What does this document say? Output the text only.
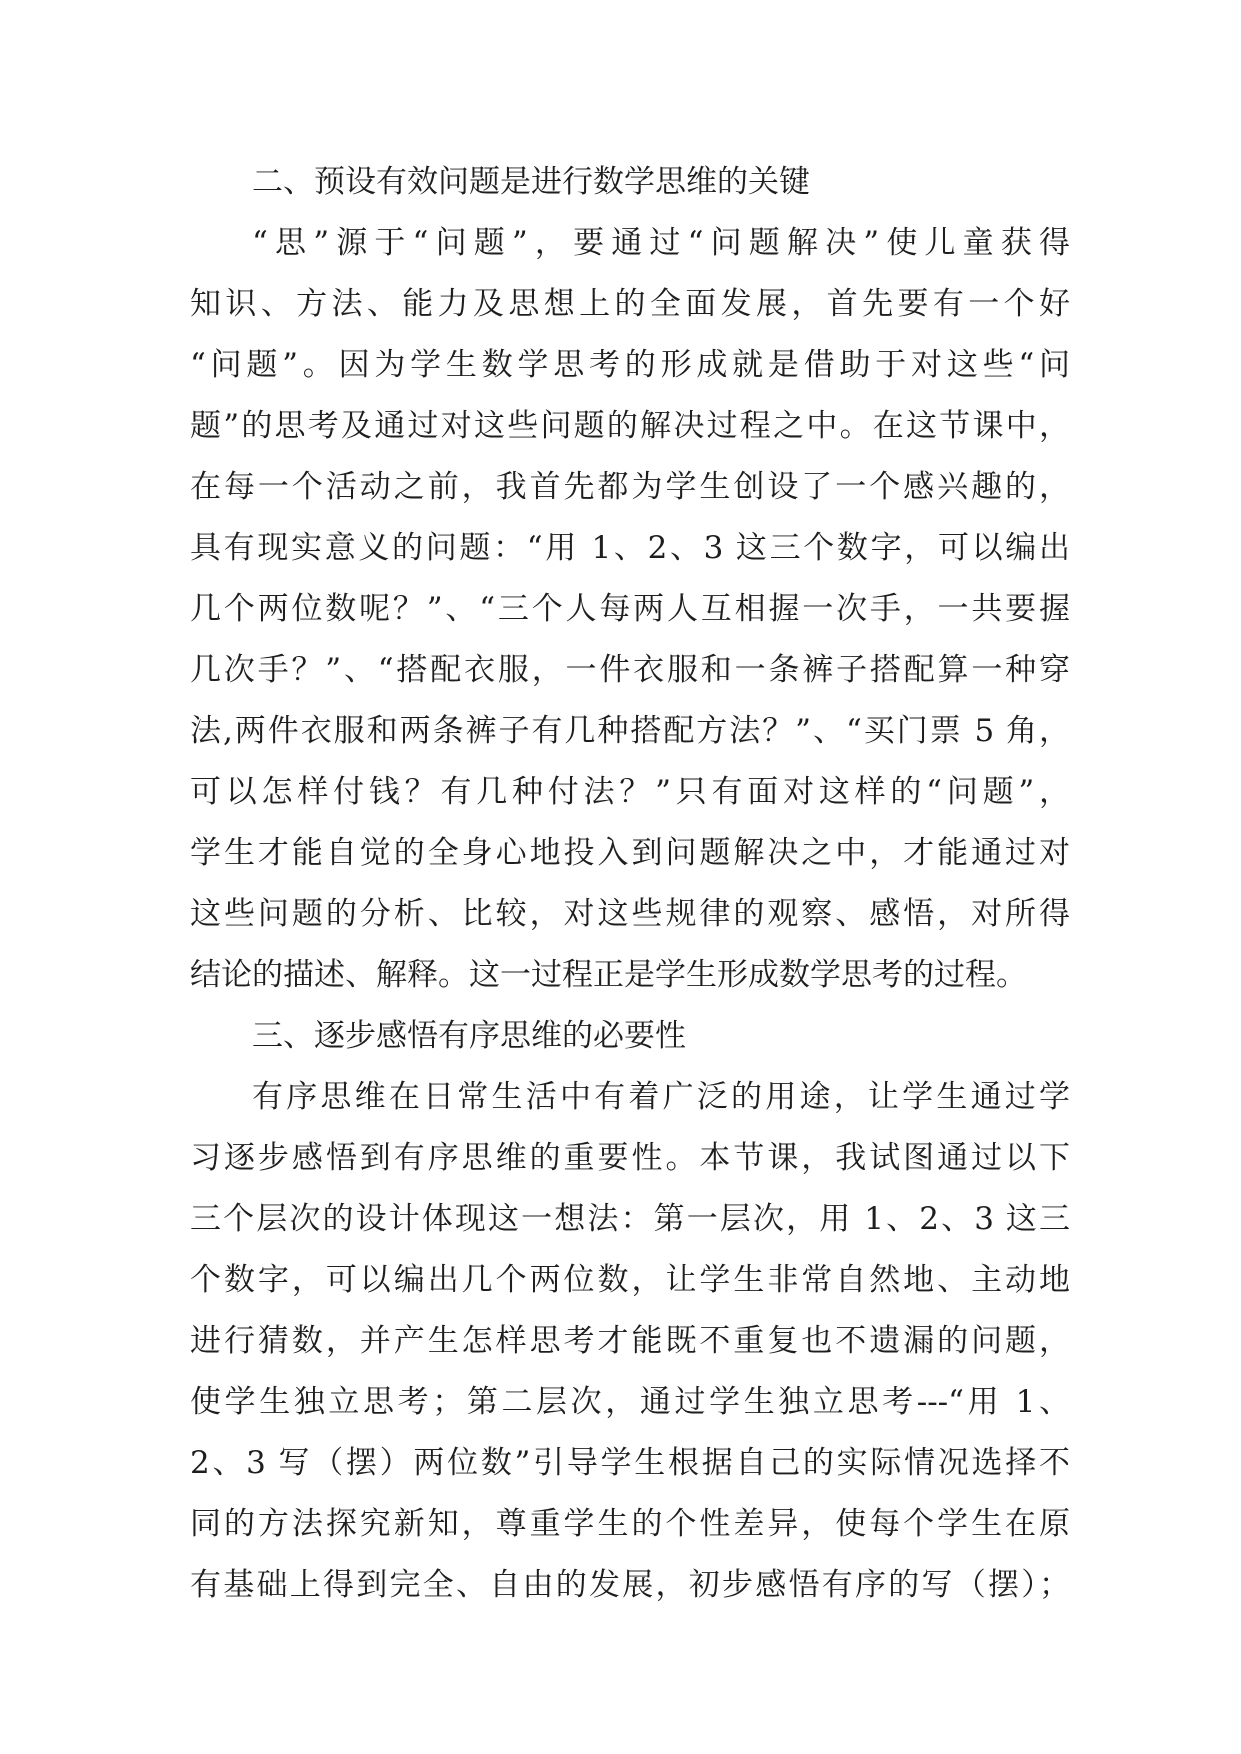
二、预设有效问题是进行数学思维的关键
“思”源于“问题”，要通过“问题解决”使儿童获得
知识、方法、能力及思想上的全面发展，首先要有一个好
“问题”。因为学生数学思考的形成就是借助于对这些“问
题”的思考及通过对这些问题的解决过程之中。在这节课中，
在每一个活动之前，我首先都为学生创设了一个感兴趣的，
具有现实意义的问题：“用 1、2、3 这三个数字，可以编出
几个两位数呢？”、“三个人每两人互相握一次手，一共要握
几次手？”、“搭配衣服，一件衣服和一条裤子搭配算一种穿
法,两件衣服和两条裤子有几种搭配方法？”、“买门票 5 角，
可以怎样付钱？有几种付法？”只有面对这样的“问题”，
学生才能自觉的全身心地投入到问题解决之中，才能通过对
这些问题的分析、比较，对这些规律的观察、感悟，对所得
结论的描述、解释。这一过程正是学生形成数学思考的过程。
三、逐步感悟有序思维的必要性
有序思维在日常生活中有着广泛的用途，让学生通过学
习逐步感悟到有序思维的重要性。本节课，我试图通过以下
三个层次的设计体现这一想法：第一层次，用 1、2、3 这三
个数字，可以编出几个两位数，让学生非常自然地、主动地
进行猜数，并产生怎样思考才能既不重复也不遗漏的问题，
使学生独立思考；第二层次，通过学生独立思考---“用 1、
2、3 写（摆）两位数”引导学生根据自己的实际情况选择不
同的方法探究新知，尊重学生的个性差异，使每个学生在原
有基础上得到完全、自由的发展，初步感悟有序的写（摆）；
